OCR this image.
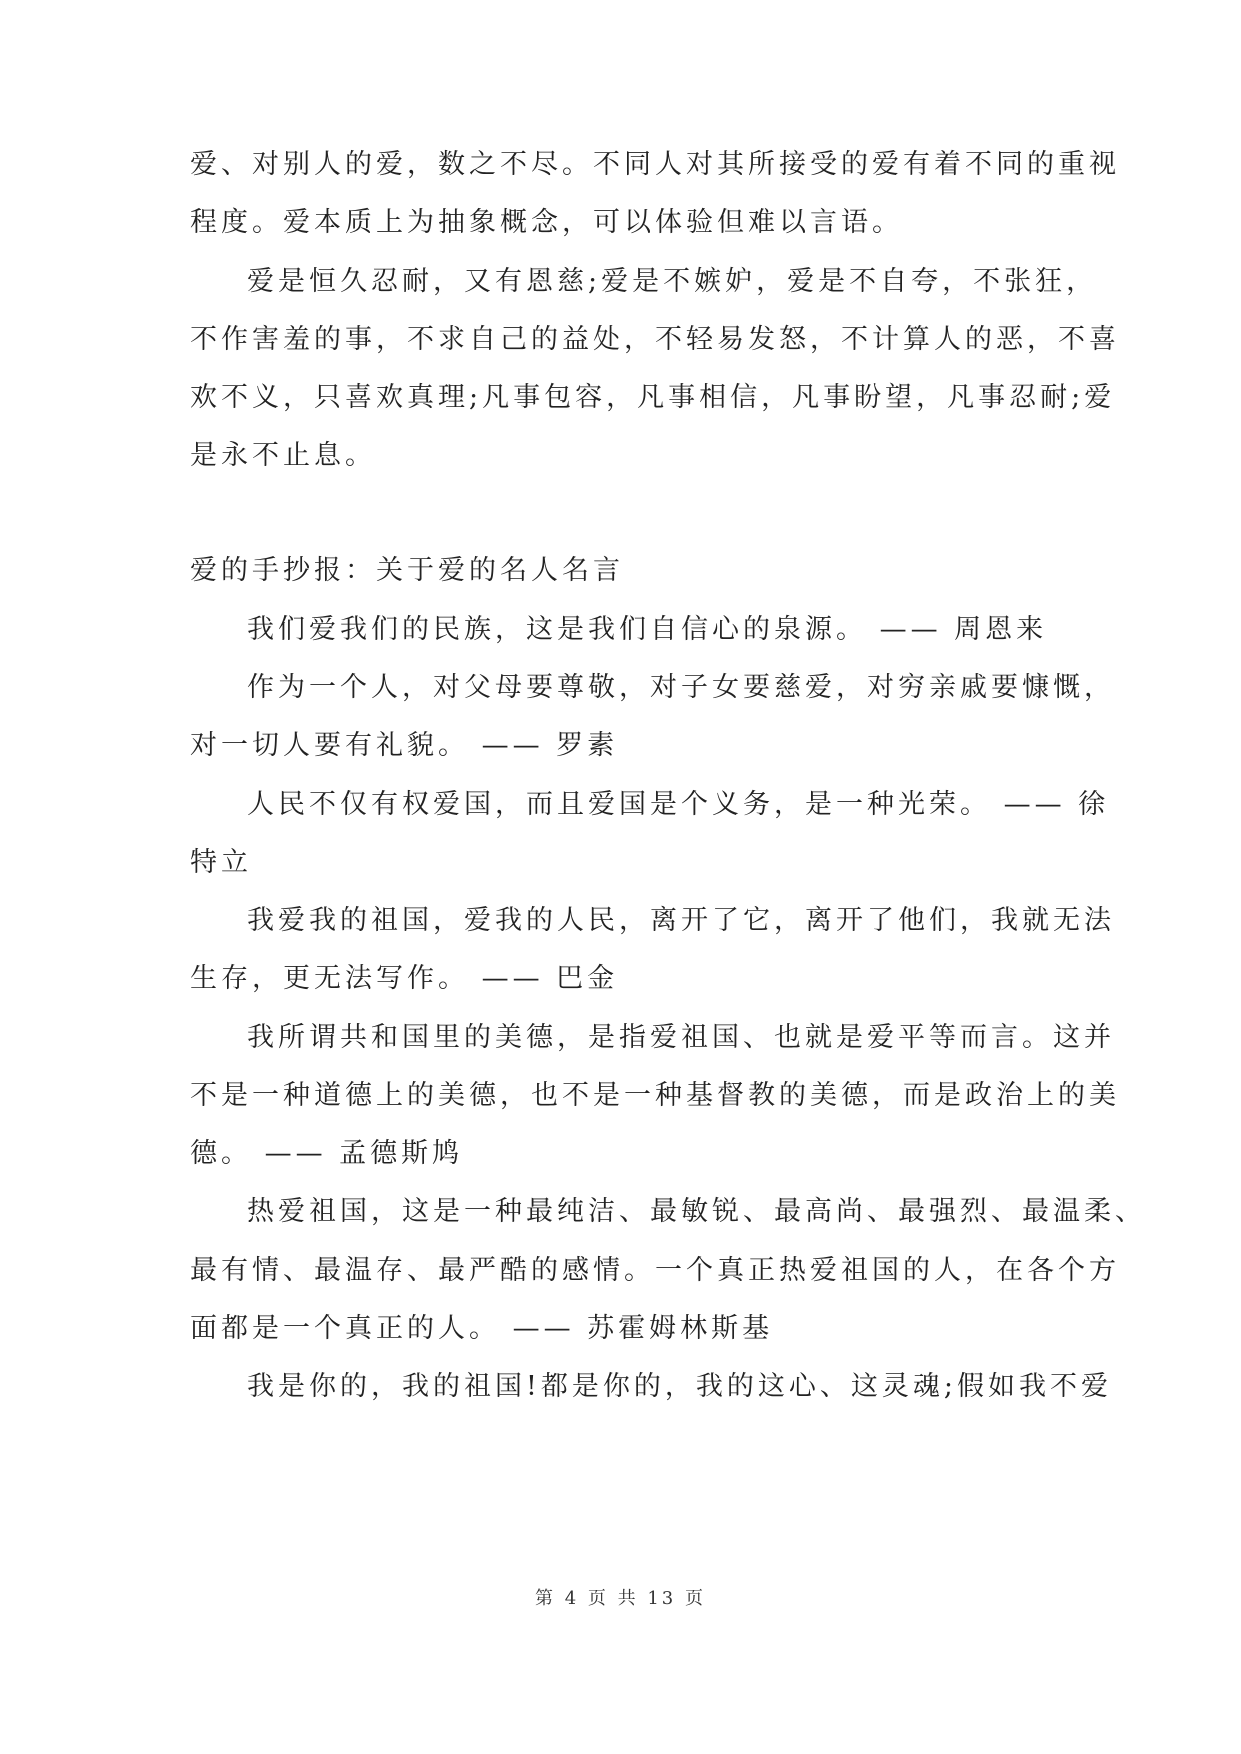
爱、对别人的爱，数之不尽。不同人对其所接受的爱有着不同的重视
程度。爱本质上为抽象概念，可以体验但难以言语。
爱是恒久忍耐，又有恩慈;爱是不嫉妒，爱是不自夸，不张狂，
不作害羞的事，不求自己的益处，不轻易发怒，不计算人的恶，不喜
欢不义，只喜欢真理;凡事包容，凡事相信，凡事盼望，凡事忍耐;爱
是永不止息。
爱的手抄报：关于爱的名人名言
我们爱我们的民族，这是我们自信心的泉源。 —— 周恩来
作为一个人，对父母要尊敬，对子女要慈爱，对穷亲戚要慷慨，
对一切人要有礼貌。 —— 罗素
人民不仅有权爱国，而且爱国是个义务，是一种光荣。 —— 徐
特立
我爱我的祖国，爱我的人民，离开了它，离开了他们，我就无法
生存，更无法写作。 —— 巴金
我所谓共和国里的美德，是指爱祖国、也就是爱平等而言。这并
不是一种道德上的美德，也不是一种基督教的美德，而是政治上的美
德。 —— 孟德斯鸠
热爱祖国，这是一种最纯洁、最敏锐、最高尚、最强烈、最温柔、
最有情、最温存、最严酷的感情。一个真正热爱祖国的人，在各个方
面都是一个真正的人。 —— 苏霍姆林斯基
我是你的，我的祖国!都是你的，我的这心、这灵魂;假如我不爱
第 4 页 共 13 页
